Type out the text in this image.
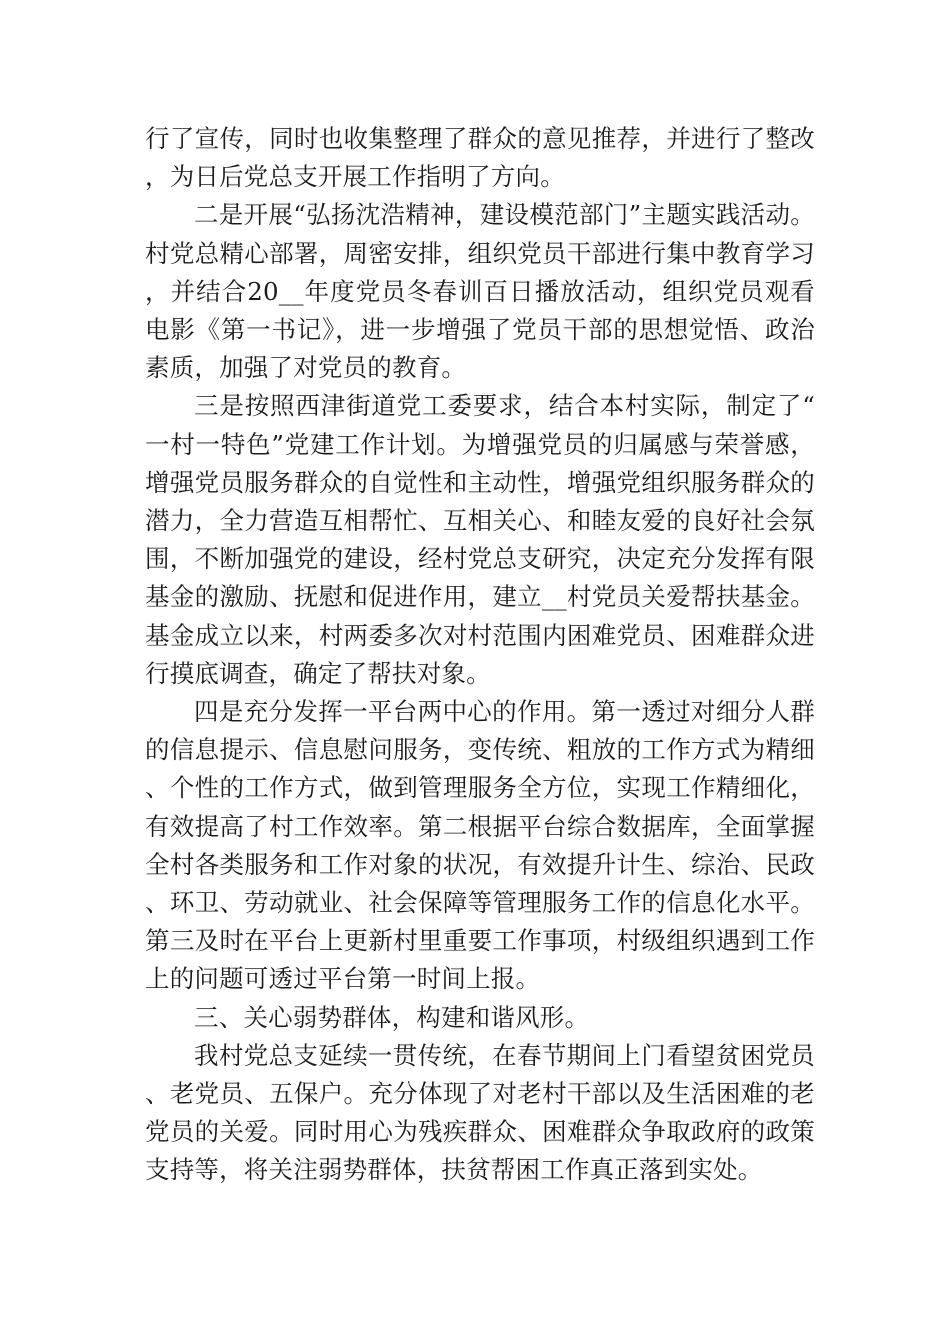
行了宣传，同时也收集整理了群众的意见推荐，并进行了整改，为日后党总支开展工作指明了方向。

二是开展“弘扬沈浩精神，建设模范部门”主题实践活动。村党总精心部署，周密安排，组织党员干部进行集中教育学习，并结合20__年度党员冬春训百日播放活动，组织党员观看电影《第一书记》，进一步增强了党员干部的思想觉悟、政治素质，加强了对党员的教育。

三是按照西津街道党工委要求，结合本村实际，制定了“一村一特色”党建工作计划。为增强党员的归属感与荣誉感，增强党员服务群众的自觉性和主动性，增强党组织服务群众的潜力，全力营造互相帮忙、互相关心、和睦友爱的良好社会氛围，不断加强党的建设，经村党总支研究，决定充分发挥有限基金的激励、抚慰和促进作用，建立__村党员关爱帮扶基金。基金成立以来，村两委多次对村范围内困难党员、困难群众进行摸底调查，确定了帮扶对象。

四是充分发挥一平台两中心的作用。第一透过对细分人群的信息提示、信息慰问服务，变传统、粗放的工作方式为精细、个性的工作方式，做到管理服务全方位，实现工作精细化，有效提高了村工作效率。第二根据平台综合数据库，全面掌握全村各类服务和工作对象的状况，有效提升计生、综治、民政、环卫、劳动就业、社会保障等管理服务工作的信息化水平。第三及时在平台上更新村里重要工作事项，村级组织遇到工作上的问题可透过平台第一时间上报。

三、关心弱势群体，构建和谐风形。

我村党总支延续一贯传统，在春节期间上门看望贫困党员、老党员、五保户。充分体现了对老村干部以及生活困难的老党员的关爱。同时用心为残疾群众、困难群众争取政府的政策支持等，将关注弱势群体，扶贫帮困工作真正落到实处。
